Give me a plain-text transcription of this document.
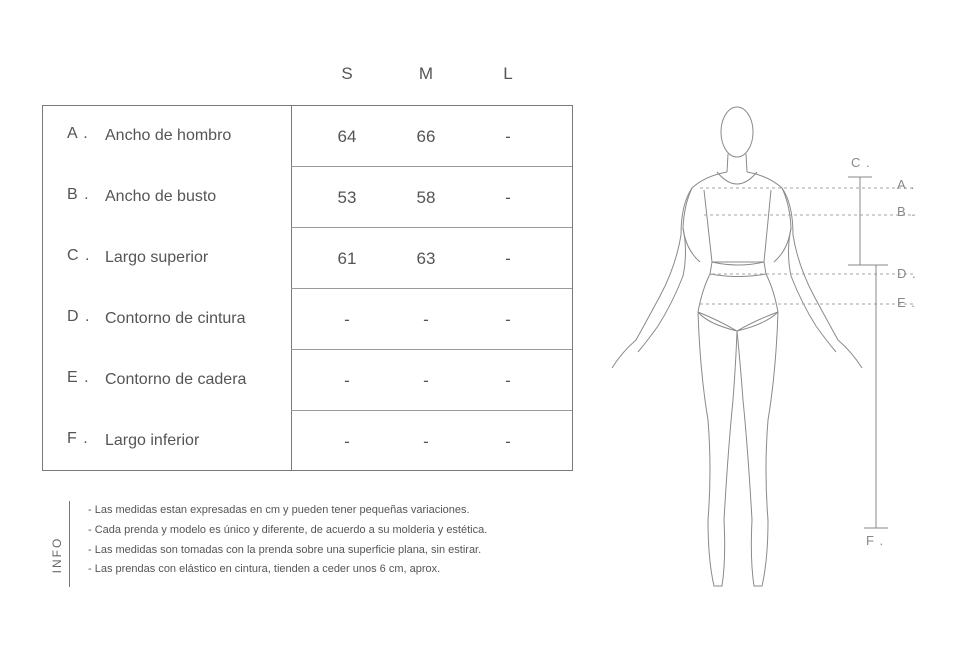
S	M	L
A . Ancho de hombro	64	66	-
B . Ancho de busto	53	58	-
C . Largo superior	61	63	-
D . Contorno de cintura	-	-	-
E . Contorno de cadera	-	-	-
F . Largo inferior	-	-	-
INFO
- Las medidas estan expresadas en cm y pueden tener pequeñas variaciones.
- Cada prenda y modelo es único y diferente, de acuerdo a su molderia y estética.
- Las medidas son tomadas con la prenda sobre una superficie plana, sin estirar.
- Las prendas con elástico en cintura, tienden a ceder unos 6 cm, aprox.
C .
A .
B .
D .
E .
F .
